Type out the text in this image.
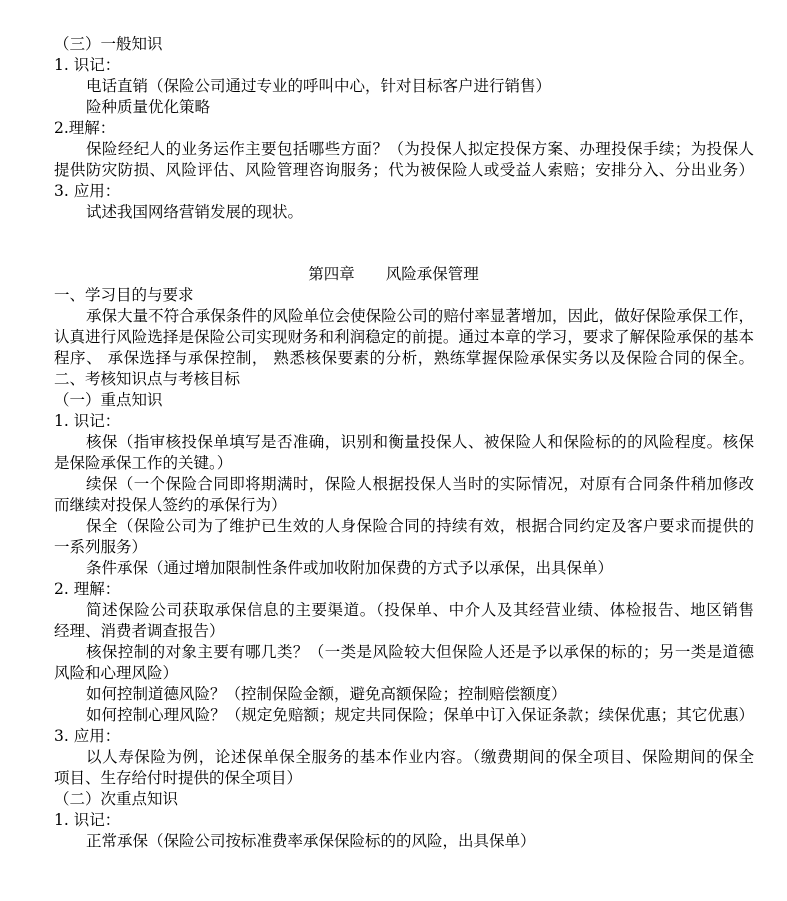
（三）一般知识
1. 识记：
电话直销（保险公司通过专业的呼叫中心，针对目标客户进行销售）
险种质量优化策略
2.理解：
保险经纪人的业务运作主要包括哪些方面？（为投保人拟定投保方案、办理投保手续；为投保人
提供防灾防损、风险评估、风险管理咨询服务；代为被保险人或受益人索赔；安排分入、分出业务）
3. 应用：
试述我国网络营销发展的现状。
第四章　　风险承保管理
一、学习目的与要求
承保大量不符合承保条件的风险单位会使保险公司的赔付率显著增加，因此，做好保险承保工作，
认真进行风险选择是保险公司实现财务和利润稳定的前提。通过本章的学习，要求了解保险承保的基本
程序、 承保选择与承保控制， 熟悉核保要素的分析，熟练掌握保险承保实务以及保险合同的保全。
二、考核知识点与考核目标
（一）重点知识
1. 识记：
核保（指审核投保单填写是否准确，识别和衡量投保人、被保险人和保险标的的风险程度。核保
是保险承保工作的关键。）
续保（一个保险合同即将期满时，保险人根据投保人当时的实际情况，对原有合同条件稍加修改
而继续对投保人签约的承保行为）
保全（保险公司为了维护已生效的人身保险合同的持续有效，根据合同约定及客户要求而提供的
一系列服务）
条件承保（通过增加限制性条件或加收附加保费的方式予以承保，出具保单）
2. 理解：
简述保险公司获取承保信息的主要渠道。（投保单、中介人及其经营业绩、体检报告、地区销售
经理、消费者调查报告）
核保控制的对象主要有哪几类？（一类是风险较大但保险人还是予以承保的标的；另一类是道德
风险和心理风险）
如何控制道德风险？（控制保险金额，避免高额保险；控制赔偿额度）
如何控制心理风险？（规定免赔额；规定共同保险；保单中订入保证条款；续保优惠；其它优惠）
3. 应用：
以人寿保险为例，论述保单保全服务的基本作业内容。（缴费期间的保全项目、保险期间的保全
项目、生存给付时提供的保全项目）
（二）次重点知识
1. 识记：
正常承保（保险公司按标准费率承保保险标的的风险，出具保单）
